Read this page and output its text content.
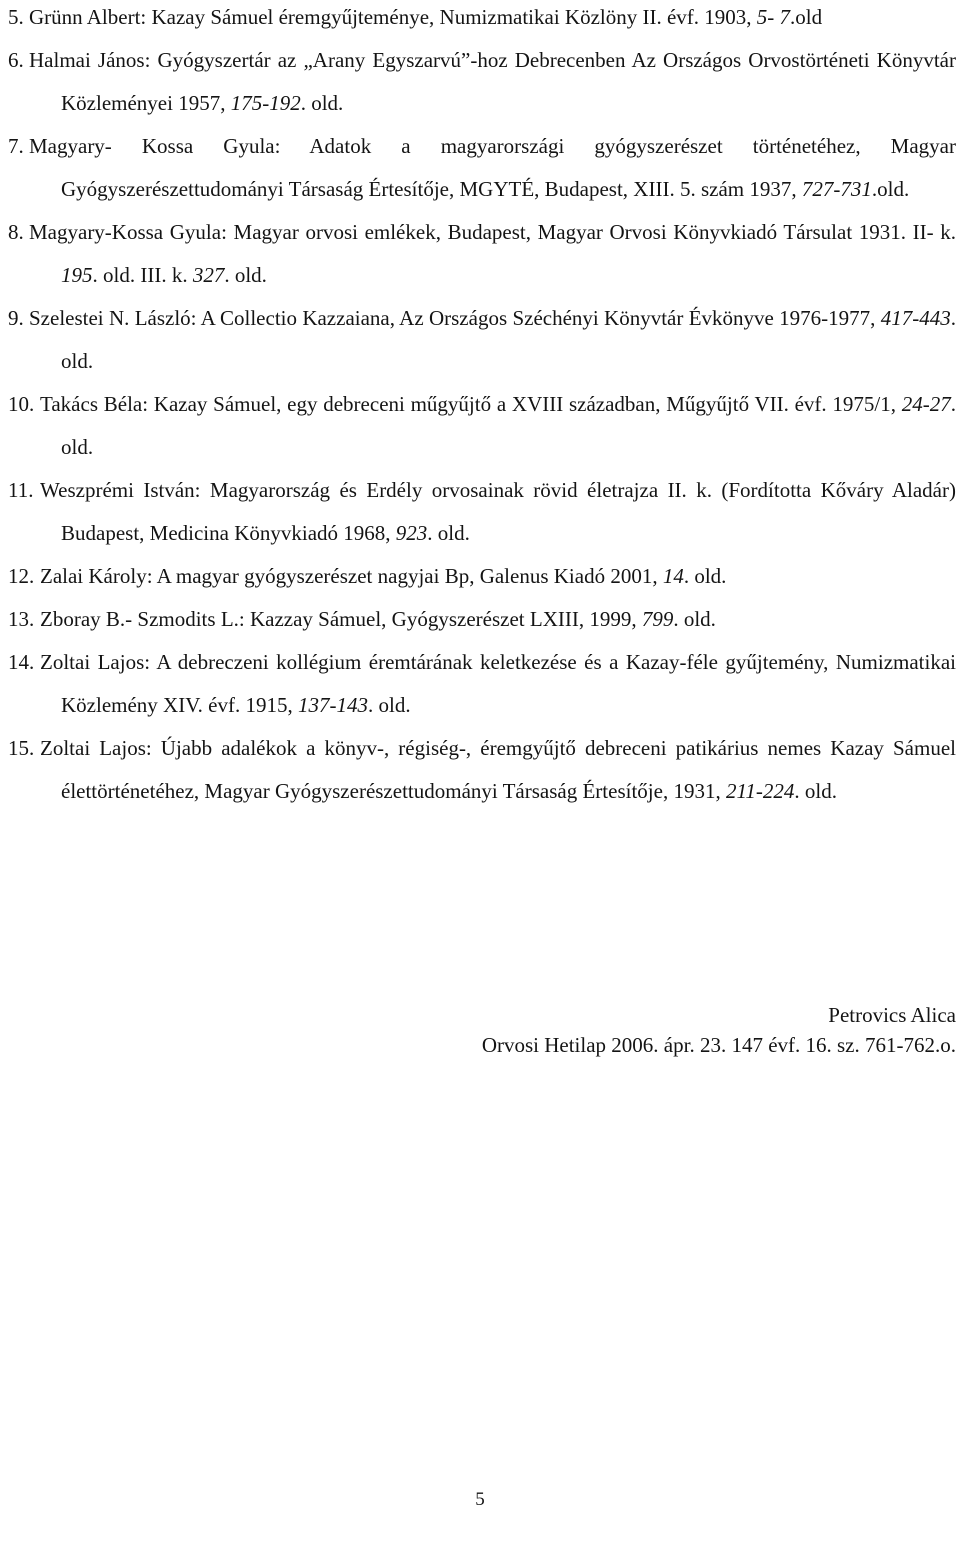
5. Grünn Albert: Kazay Sámuel éremgyűjteménye, Numizmatikai Közlöny II. évf. 1903, 5- 7.old
6. Halmai János: Gyógyszertár az „Arany Egyszarvú”-hoz Debrecenben Az Országos Orvostörténeti Könyvtár Közleményei 1957, 175-192. old.
7. Magyary- Kossa Gyula: Adatok a magyarországi gyógyszerészet történetéhez, Magyar Gyógyszerészettudományi Társaság Értesítője, MGYTÉ, Budapest, XIII. 5. szám 1937, 727-731.old.
8. Magyary-Kossa Gyula: Magyar orvosi emlékek, Budapest, Magyar Orvosi Könyvkiadó Társulat 1931. II- k. 195. old. III. k. 327. old.
9. Szelestei N. László: A Collectio Kazzaiana, Az Országos Széchényi Könyvtár Évkönyve 1976-1977, 417-443. old.
10. Takács Béla: Kazay Sámuel, egy debreceni műgyűjtő a XVIII században, Műgyűjtő VII. évf. 1975/1, 24-27. old.
11. Weszprémi István: Magyarország és Erdély orvosainak rövid életrajza II. k. (Fordította Kőváry Aladár) Budapest, Medicina Könyvkiadó 1968, 923. old.
12. Zalai Károly: A magyar gyógyszerészet nagyjai Bp, Galenus Kiadó 2001, 14. old.
13. Zboray B.- Szmodits L.: Kazzay Sámuel, Gyógyszerészet LXIII, 1999, 799. old.
14. Zoltai Lajos: A debreczeni kollégium éremtárának keletkezése és a Kazay-féle gyűjtemény, Numizmatikai Közlemény XIV. évf. 1915, 137-143. old.
15. Zoltai Lajos: Újabb adalékok a könyv-, régiség-, éremgyűjtő debreceni patikárius nemes Kazay Sámuel élettörténetéhez, Magyar Gyógyszerészettudományi Társaság Értesítője, 1931, 211-224. old.
Petrovics Alica
Orvosi Hetilap 2006. ápr. 23. 147 évf. 16. sz. 761-762.o.
5
